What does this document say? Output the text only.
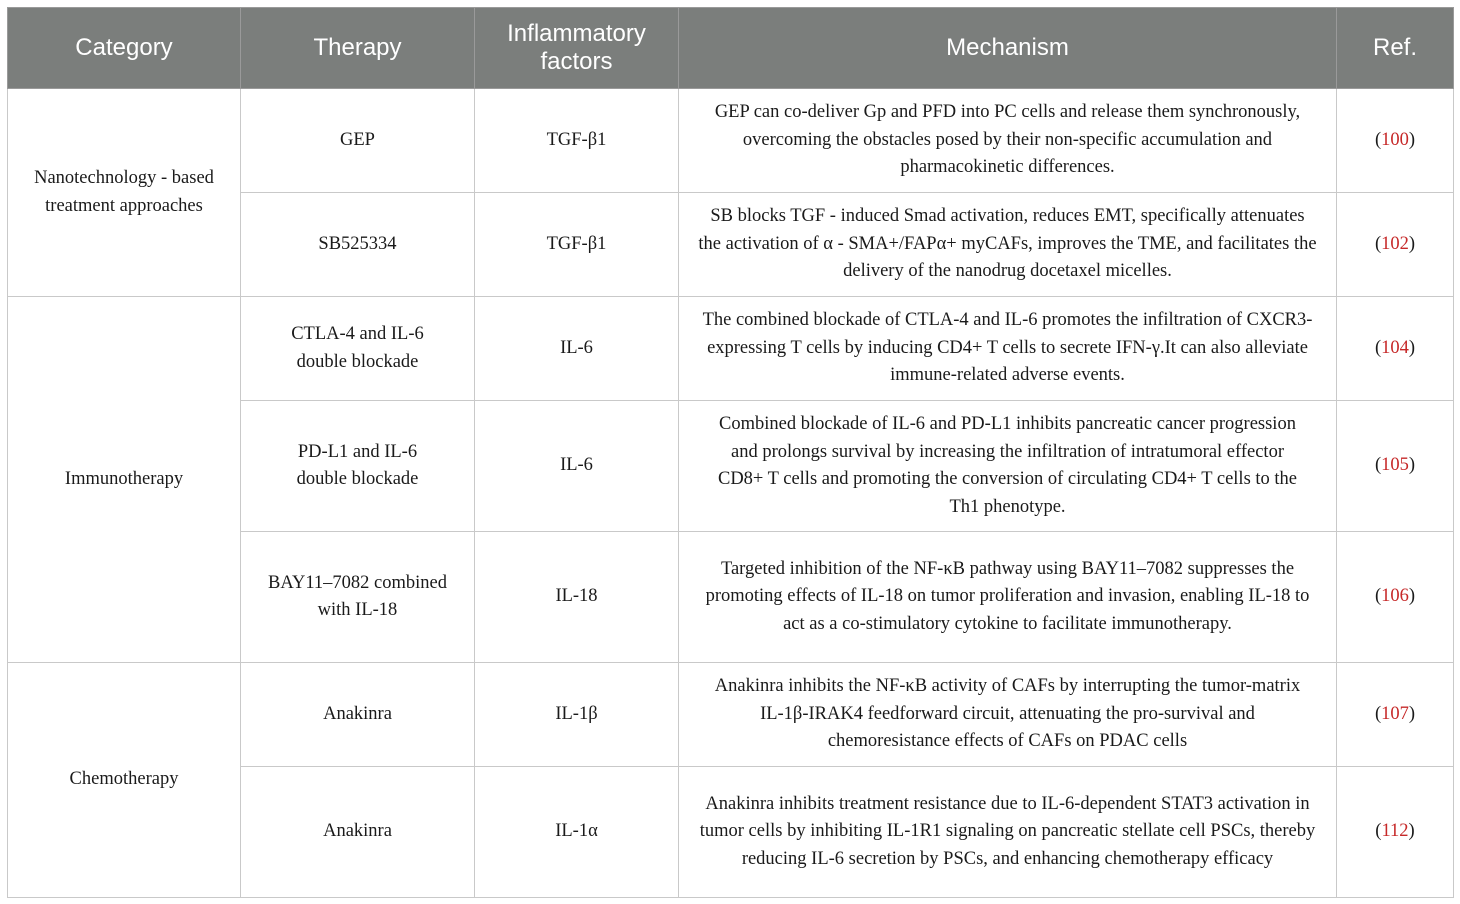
Category	Therapy	Inflammatory factors	Mechanism	Ref.
Nanotechnology - based treatment approaches	GEP	TGF-β1	GEP can co-deliver Gp and PFD into PC cells and release them synchronously, overcoming the obstacles posed by their non-specific accumulation and pharmacokinetic differences.	(100)
	SB525334	TGF-β1	SB blocks TGF - induced Smad activation, reduces EMT, specifically attenuates the activation of α - SMA+/FAPα+ myCAFs, improves the TME, and facilitates the delivery of the nanodrug docetaxel micelles.	(102)
Immunotherapy	CTLA-4 and IL-6 double blockade	IL-6	The combined blockade of CTLA-4 and IL-6 promotes the infiltration of CXCR3-expressing T cells by inducing CD4+ T cells to secrete IFN-γ.It can also alleviate immune-related adverse events.	(104)
	PD-L1 and IL-6 double blockade	IL-6	Combined blockade of IL-6 and PD-L1 inhibits pancreatic cancer progression and prolongs survival by increasing the infiltration of intratumoral effector CD8+ T cells and promoting the conversion of circulating CD4+ T cells to the Th1 phenotype.	(105)
	BAY11–7082 combined with IL-18	IL-18	Targeted inhibition of the NF-κB pathway using BAY11–7082 suppresses the promoting effects of IL-18 on tumor proliferation and invasion, enabling IL-18 to act as a co-stimulatory cytokine to facilitate immunotherapy.	(106)
Chemotherapy	Anakinra	IL-1β	Anakinra inhibits the NF-κB activity of CAFs by interrupting the tumor-matrix IL-1β-IRAK4 feedforward circuit, attenuating the pro-survival and chemoresistance effects of CAFs on PDAC cells	(107)
	Anakinra	IL-1α	Anakinra inhibits treatment resistance due to IL-6-dependent STAT3 activation in tumor cells by inhibiting IL-1R1 signaling on pancreatic stellate cell PSCs, thereby reducing IL-6 secretion by PSCs, and enhancing chemotherapy efficacy	(112)
